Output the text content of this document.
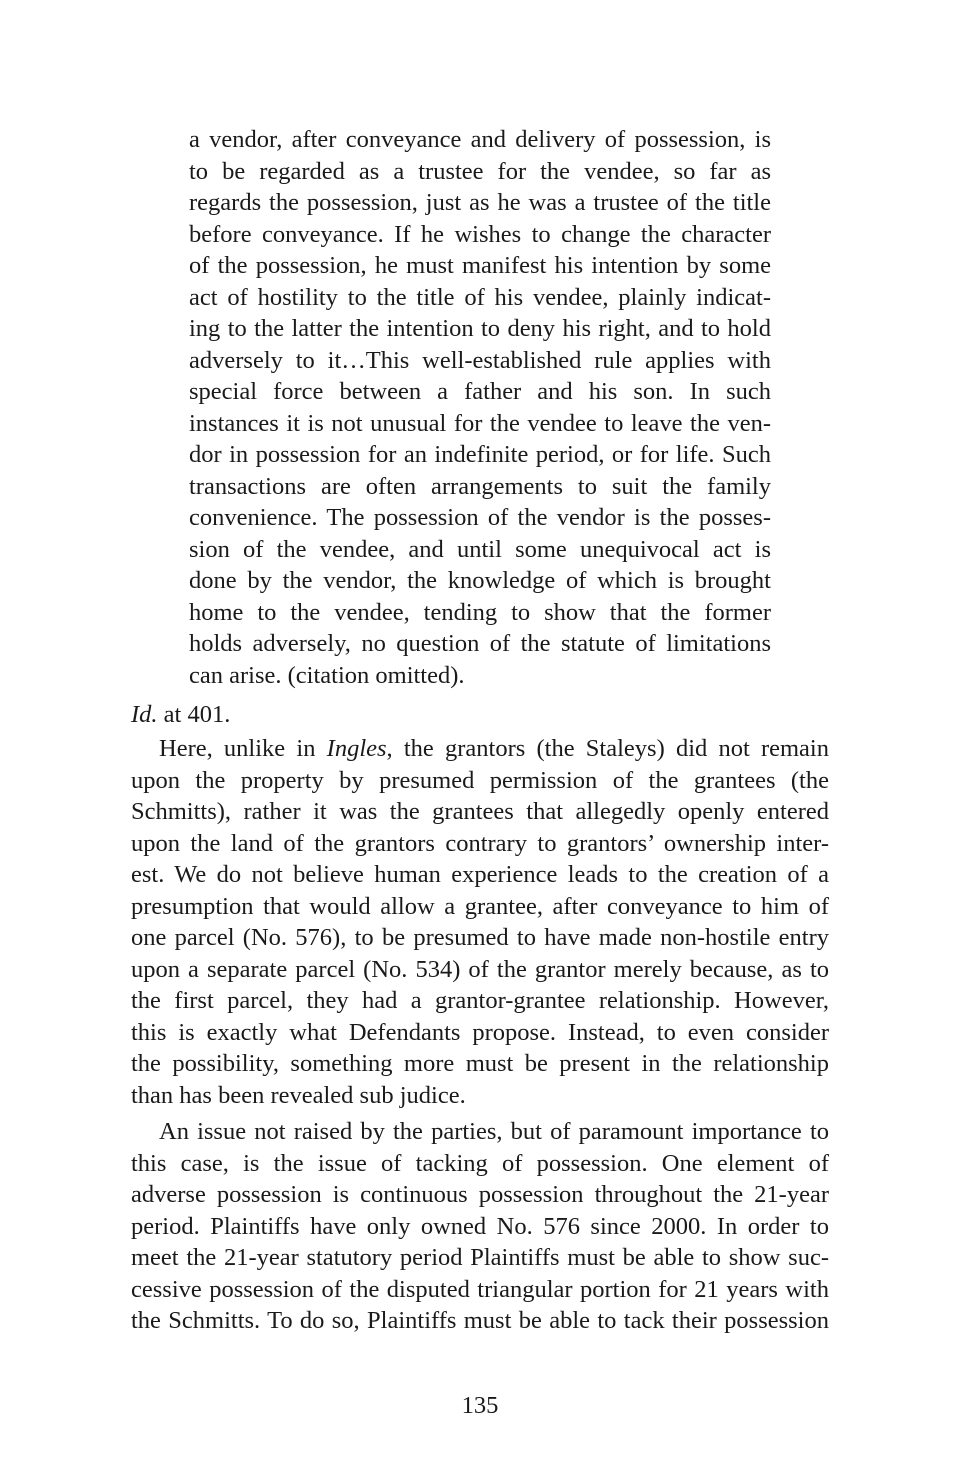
a vendor, after conveyance and delivery of possession, is
to be regarded as a trustee for the vendee, so far as
regards the possession, just as he was a trustee of the title
before conveyance. If he wishes to change the character
of the possession, he must manifest his intention by some
act of hostility to the title of his vendee, plainly indicat-
ing to the latter the intention to deny his right, and to hold
adversely to it…This well-established rule applies with
special force between a father and his son. In such
instances it is not unusual for the vendee to leave the ven-
dor in possession for an indefinite period, or for life. Such
transactions are often arrangements to suit the family
convenience. The possession of the vendor is the posses-
sion of the vendee, and until some unequivocal act is
done by the vendor, the knowledge of which is brought
home to the vendee, tending to show that the former
holds adversely, no question of the statute of limitations
can arise. (citation omitted).
Id. at 401.
Here, unlike in Ingles, the grantors (the Staleys) did not remain
upon the property by presumed permission of the grantees (the
Schmitts), rather it was the grantees that allegedly openly entered
upon the land of the grantors contrary to grantors’ ownership inter-
est. We do not believe human experience leads to the creation of a
presumption that would allow a grantee, after conveyance to him of
one parcel (No. 576), to be presumed to have made non-hostile entry
upon a separate parcel (No. 534) of the grantor merely because, as to
the first parcel, they had a grantor-grantee relationship. However,
this is exactly what Defendants propose. Instead, to even consider
the possibility, something more must be present in the relationship
than has been revealed sub judice.
An issue not raised by the parties, but of paramount importance to
this case, is the issue of tacking of possession. One element of
adverse possession is continuous possession throughout the 21-year
period. Plaintiffs have only owned No. 576 since 2000. In order to
meet the 21-year statutory period Plaintiffs must be able to show suc-
cessive possession of the disputed triangular portion for 21 years with
the Schmitts. To do so, Plaintiffs must be able to tack their possession
135
